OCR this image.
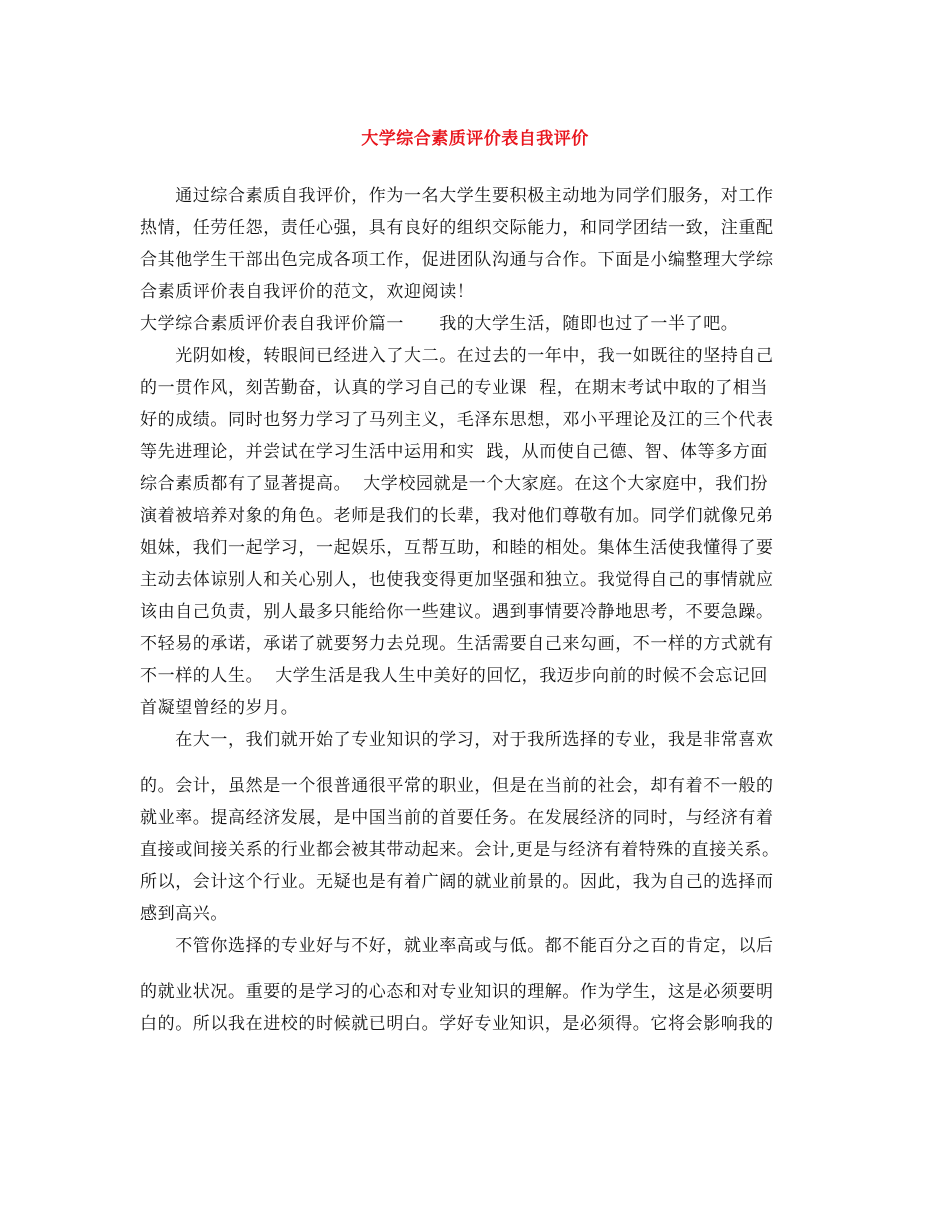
大学综合素质评价表自我评价
　　通过综合素质自我评价，作为一名大学生要积极主动地为同学们服务，对工作
热情，任劳任怨，责任心强，具有良好的组织交际能力，和同学团结一致，注重配
合其他学生干部出色完成各项工作，促进团队沟通与合作。下面是小编整理大学综
合素质评价表自我评价的范文，欢迎阅读！
大学综合素质评价表自我评价篇一　　我的大学生活，随即也过了一半了吧。
　　光阴如梭，转眼间已经进入了大二。在过去的一年中，我一如既往的坚持自己
的一贯作风，刻苦勤奋，认真的学习自己的专业课  程，在期末考试中取的了相当
好的成绩。同时也努力学习了马列主义，毛泽东思想，邓小平理论及江的三个代表
等先进理论，并尝试在学习生活中运用和实  践，从而使自己德、智、体等多方面
综合素质都有了显著提高。  大学校园就是一个大家庭。在这个大家庭中，我们扮
演着被培养对象的角色。老师是我们的长辈，我对他们尊敬有加。同学们就像兄弟
姐妹，我们一起学习，一起娱乐，互帮互助，和睦的相处。集体生活使我懂得了要
主动去体谅别人和关心别人，也使我变得更加坚强和独立。我觉得自己的事情就应
该由自己负责，别人最多只能给你一些建议。遇到事情要冷静地思考，不要急躁。
不轻易的承诺，承诺了就要努力去兑现。生活需要自己来勾画，不一样的方式就有
不一样的人生。  大学生活是我人生中美好的回忆，我迈步向前的时候不会忘记回
首凝望曾经的岁月。
　　在大一，我们就开始了专业知识的学习，对于我所选择的专业，我是非常喜欢
的。会计，虽然是一个很普通很平常的职业，但是在当前的社会，却有着不一般的
就业率。提高经济发展，是中国当前的首要任务。在发展经济的同时，与经济有着
直接或间接关系的行业都会被其带动起来。会计,更是与经济有着特殊的直接关系。
所以，会计这个行业。无疑也是有着广阔的就业前景的。因此，我为自己的选择而
感到高兴。
　　不管你选择的专业好与不好，就业率高或与低。都不能百分之百的肯定，以后
的就业状况。重要的是学习的心态和对专业知识的理解。作为学生，这是必须要明
白的。所以我在进校的时候就已明白。学好专业知识，是必须得。它将会影响我的
